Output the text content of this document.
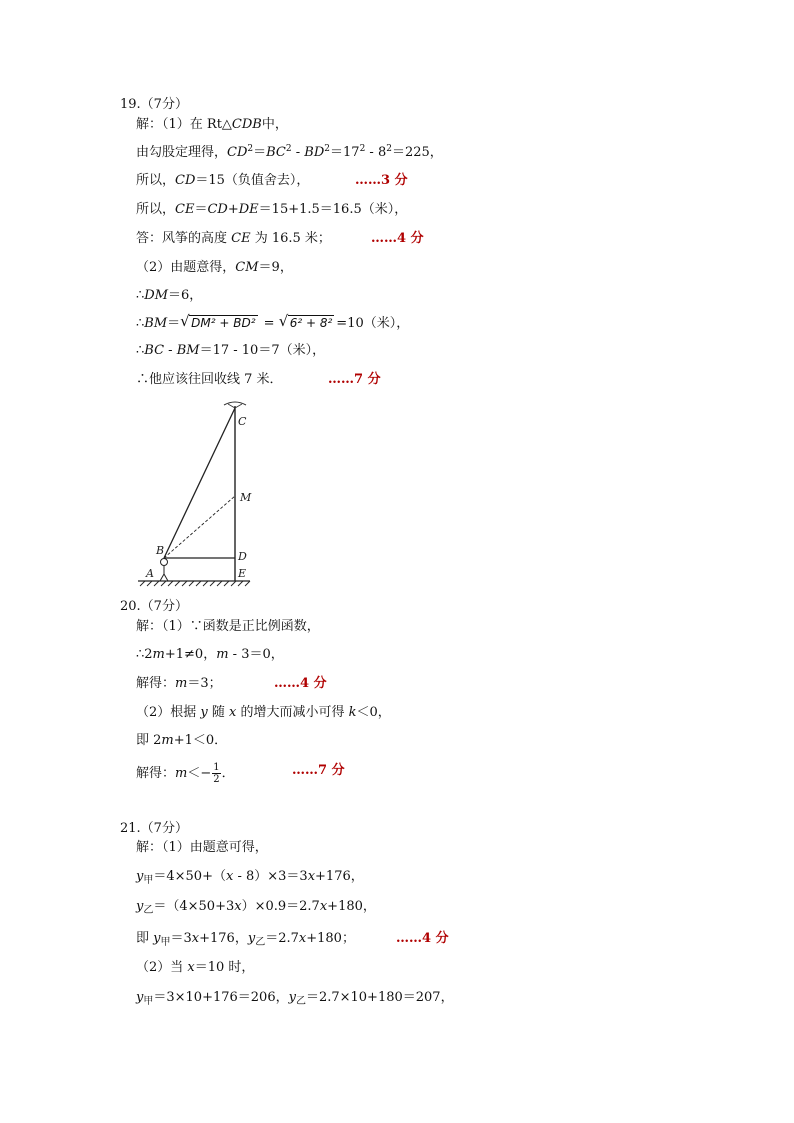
19.（7分）
解：（1）在 Rt△CDB中，
由勾股定理得，$CD^2=BC^2 - BD^2=17^2 - 8^2=225$，
所以，CD＝15（负值舍去），	……3 分
所以，CE＝CD+DE＝15+1.5＝16.5（米），
答：风筝的高度 CE 为 16.5 米；	……4 分
（2）由题意得，CM＝9，
∴DM＝6，
∴BM＝√ DM² + BD² = √ 6² + 8² =10（米），
∴BC - BM＝17 - 10＝7（米），
∴他应该往回收线 7 米．	……7 分
C
M
B	D
A	E
20.（7分）
解：（1）∵函数是正比例函数，
∴2m+1≠0，m - 3＝0，
解得：m＝3；	……4 分
（2）根据 y 随 x 的增大而减小可得 k＜0，
即 2m+1＜0．
解得：$m<- \frac{1}{2}$ ．	……7 分
21.（7分）
解：（1）由题意可得，
$y_甲=4\times 50+(x - 8)\times 3=3x+176$，
$y_乙=(4\times 50+3x)\times 0.9=2.7x+180$，
即 $y_甲=3x+176$，$y_乙=2.7x+180$；	……4 分
（2）当 x＝10 时，
$y_甲=3\times 10+176=206$，$y_乙=2.7\times 10+180=207$，
